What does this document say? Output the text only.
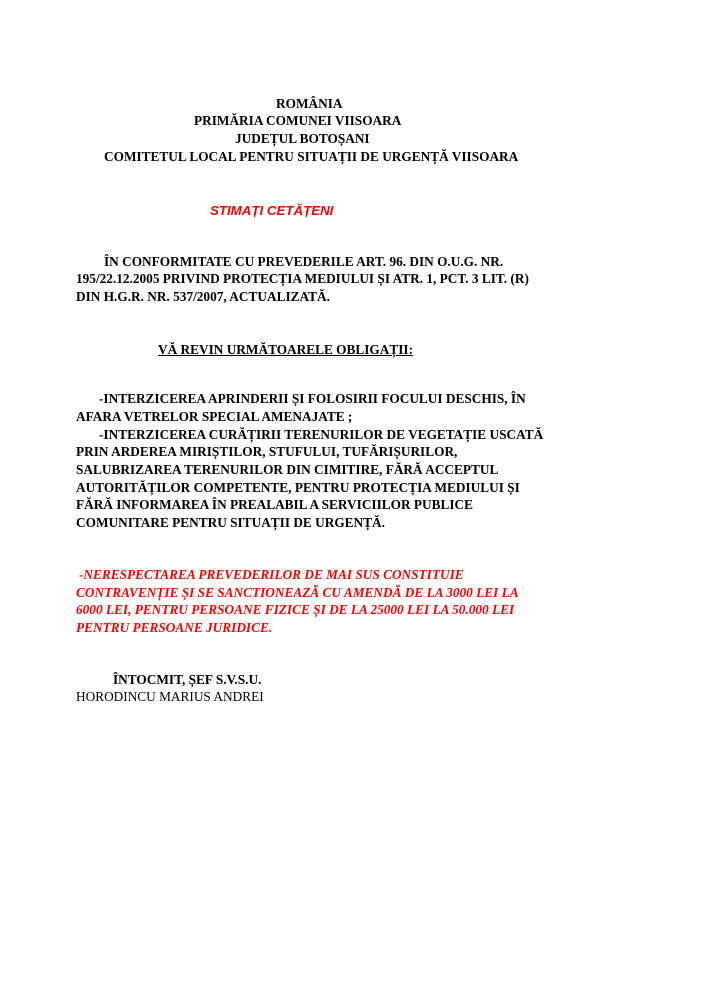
ROMÂNIA
PRIMĂRIA COMUNEI VIISOARA
JUDEȚUL BOTOȘANI
COMITETUL LOCAL PENTRU SITUAȚII DE URGENȚĂ VIISOARA
STIMAȚI CETĂȚENI
ÎN CONFORMITATE CU PREVEDERILE ART. 96. DIN O.U.G. NR.
195/22.12.2005 PRIVIND PROTECȚIA MEDIULUI ȘI ATR. 1, PCT. 3 LIT. (R)
DIN H.G.R. NR. 537/2007, ACTUALIZATĂ.
VĂ REVIN URMĂTOARELE OBLIGAȚII:
-INTERZICEREA APRINDERII ȘI FOLOSIRII FOCULUI DESCHIS, ÎN
AFARA VETRELOR SPECIAL AMENAJATE ;
-INTERZICEREA CURĂȚIRII TERENURILOR DE VEGETAȚIE USCATĂ
PRIN ARDEREA MIRIȘTILOR, STUFULUI, TUFĂRIȘURILOR,
SALUBRIZAREA TERENURILOR DIN CIMITIRE, FĂRĂ ACCEPTUL
AUTORITĂȚILOR COMPETENTE, PENTRU PROTECȚIA MEDIULUI ȘI
FĂRĂ INFORMAREA ÎN PREALABIL A SERVICIILOR PUBLICE
COMUNITARE PENTRU SITUAȚII DE URGENȚĂ.
-NERESPECTAREA PREVEDERILOR DE MAI SUS CONSTITUIE
CONTRAVENȚIE ȘI SE SANCTIONEAZĂ CU AMENDĂ DE LA 3000 LEI LA
6000 LEI, PENTRU PERSOANE FIZICE ȘI DE LA 25000 LEI LA 50.000 LEI
PENTRU PERSOANE JURIDICE.
ÎNTOCMIT, ȘEF S.V.S.U.
HORODINCU MARIUS ANDREI
